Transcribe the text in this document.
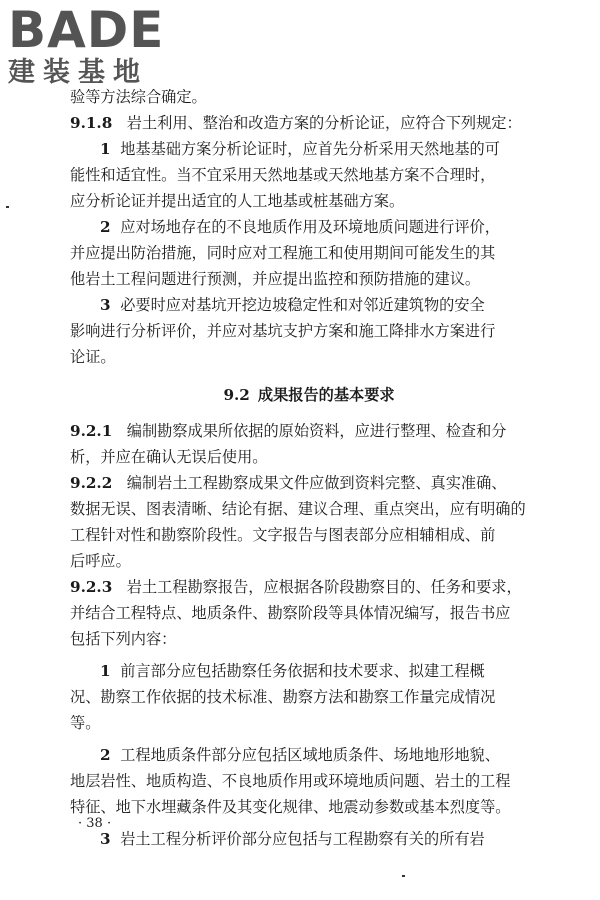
BADE
建装基地
验等方法综合确定。
9.1.8 岩土利用、整治和改造方案的分析论证，应符合下列规定：
1 地基基础方案分析论证时，应首先分析采用天然地基的可
能性和适宜性。当不宜采用天然地基或天然地基方案不合理时，
应分析论证并提出适宜的人工地基或桩基础方案。
2 应对场地存在的不良地质作用及环境地质问题进行评价，
并应提出防治措施，同时应对工程施工和使用期间可能发生的其
他岩土工程问题进行预测，并应提出监控和预防措施的建议。
3 必要时应对基坑开挖边坡稳定性和对邻近建筑物的安全
影响进行分析评价，并应对基坑支护方案和施工降排水方案进行
论证。
9.2 成果报告的基本要求
9.2.1 编制勘察成果所依据的原始资料，应进行整理、检查和分
析，并应在确认无误后使用。
9.2.2 编制岩土工程勘察成果文件应做到资料完整、真实准确、
数据无误、图表清晰、结论有据、建议合理、重点突出，应有明确的
工程针对性和勘察阶段性。文字报告与图表部分应相辅相成、前
后呼应。
9.2.3 岩土工程勘察报告，应根据各阶段勘察目的、任务和要求，
并结合工程特点、地质条件、勘察阶段等具体情况编写，报告书应
包括下列内容：
1 前言部分应包括勘察任务依据和技术要求、拟建工程概
况、勘察工作依据的技术标准、勘察方法和勘察工作量完成情况
等。
2 工程地质条件部分应包括区域地质条件、场地地形地貌、
地层岩性、地质构造、不良地质作用或环境地质问题、岩土的工程
特征、地下水埋藏条件及其变化规律、地震动参数或基本烈度等。
3 岩土工程分析评价部分应包括与工程勘察有关的所有岩
· 38 ·
